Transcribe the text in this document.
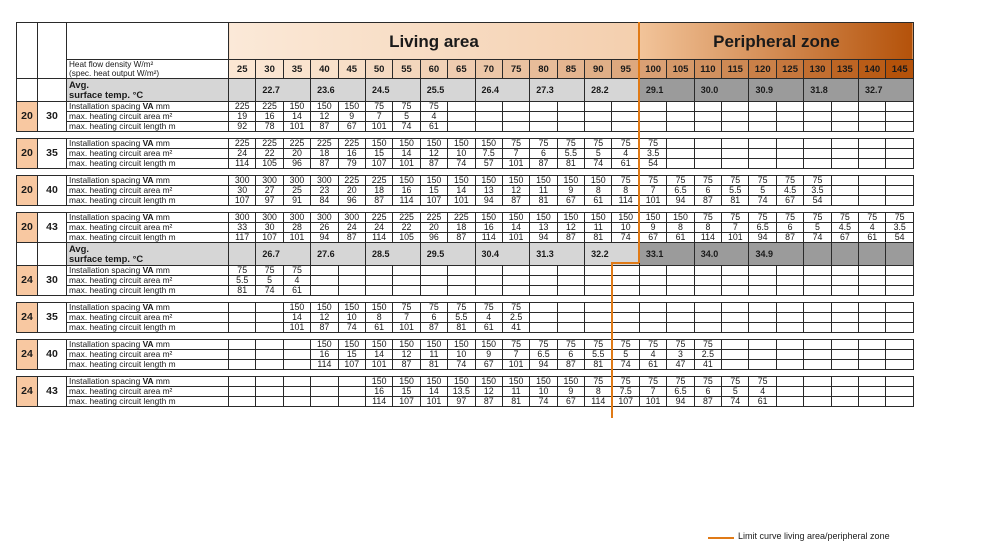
			Living area															Peripheral zone									

		Heat flow density W/m²
(spec. heat output W/m²)	25	30	35	40	45	50	55	60	65	70	75	80	85	90	95	100	105	110	115	120	125	130	135	140	145

		Avg.
surface temp. °C		22.7		23.6		24.5		25.5		26.4		27.3		28.2		29.1		30.0		30.9		31.8		32.7	
20	30	Installation spacing VA mm	225	225	150	150	150	75	75	75																	
		max. heating circuit area m²	19	16	14	12	9	7	5	4																	
		max. heating circuit length m	92	78	101	87	67	101	74	61																	

20	35	Installation spacing VA mm	225	225	225	225	225	150	150	150	150	150	75	75	75	75	75	75									
		max. heating circuit area m²	24	22	20	18	16	15	14	12	10	7.5	7	6	5.5	5	4	3.5									
		max. heating circuit length m	114	105	96	87	79	107	101	87	74	57	101	87	81	74	61	54									

20	40	Installation spacing VA mm	300	300	300	300	225	225	150	150	150	150	150	150	150	150	75	75	75	75	75	75	75	75			
		max. heating circuit area m²	30	27	25	23	20	18	16	15	14	13	12	11	9	8	8	7	6.5	6	5.5	5	4.5	3.5			
		max. heating circuit length m	107	97	91	84	96	87	114	107	101	94	87	81	67	61	114	101	94	87	81	74	67	54			

20	43	Installation spacing VA mm	300	300	300	300	300	225	225	225	225	150	150	150	150	150	150	150	150	75	75	75	75	75	75	75	75
		max. heating circuit area m²	33	30	28	26	24	24	22	20	18	16	14	13	12	11	10	9	8	8	7	6.5	6	5	4.5	4	3.5
		max. heating circuit length m	117	107	101	94	87	114	105	96	87	114	101	94	87	81	74	67	61	114	101	94	87	74	67	61	54

		Avg.
surface temp. °C		26.7		27.6		28.5		29.5		30.4		31.3		32.2		33.1		34.0		34.9					
24	30	Installation spacing VA mm	75	75	75																						
		max. heating circuit area m²	5.5	5	4																						
		max. heating circuit length m	81	74	61																						

24	35	Installation spacing VA mm			150	150	150	150	75	75	75	75	75														
		max. heating circuit area m²			14	12	10	8	7	6	5.5	4	2.5														
		max. heating circuit length m			101	87	74	61	101	87	81	61	41														

24	40	Installation spacing VA mm				150	150	150	150	150	150	150	75	75	75	75	75	75	75	75							
		max. heating circuit area m²				16	15	14	12	11	10	9	7	6.5	6	5.5	5	4	3	2.5							
		max. heating circuit length m				114	107	101	87	81	74	67	101	94	87	81	74	61	47	41							

24	43	Installation spacing VA mm						150	150	150	150	150	150	150	150	75	75	75	75	75	75	75					
		max. heating circuit area m²						16	15	14	13.5	12	11	10	9	8	7.5	7	6.5	6	5	4					
		max. heating circuit length m						114	107	101	97	87	81	74	67	114	107	101	94	87	74	61					
Limit curve living area/peripheral zone
